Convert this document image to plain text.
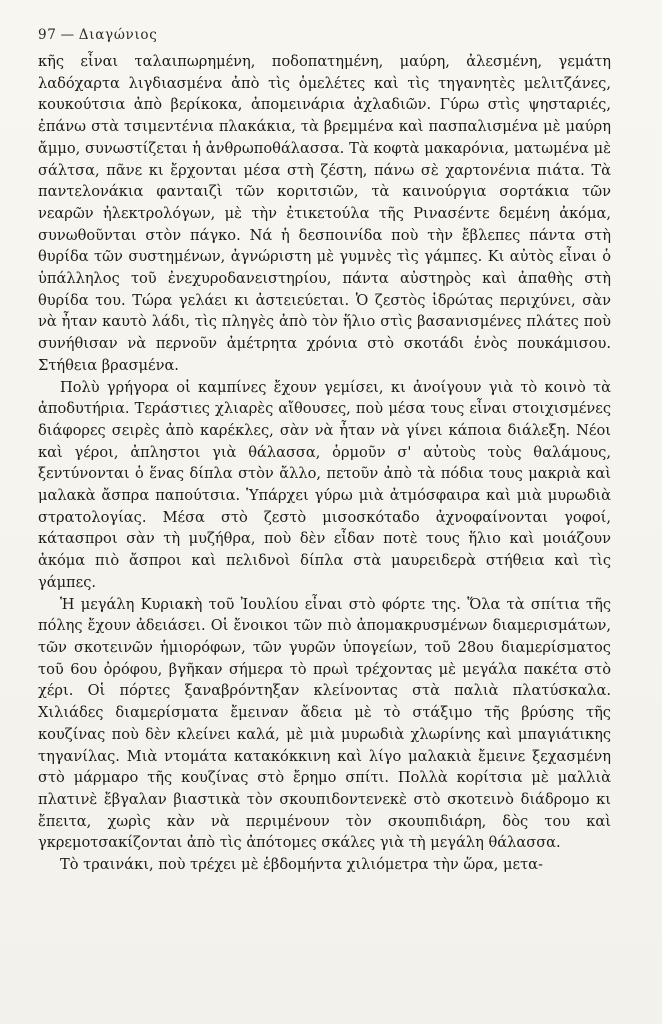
97 — Διαγώνιος

κῆς εἶναι ταλαιπωρημένη, ποδοπατημένη, μαύρη, ἀλεσμένη, γεμάτη λαδόχαρτα λιγδιασμένα ἀπὸ τὶς ὁμελέτες καὶ τὶς τηγανητὲς μελιτζάνες, κουκούτσια ἀπὸ βερίκοκα, ἀπομεινάρια ἀχλαδιῶν. Γύρω στὶς ψησταριές, ἐπάνω στὰ τσιμεντένια πλακάκια, τὰ βρεμμένα καὶ πασπαλισμένα μὲ μαύρη ἄμμο, συνωστίζεται ἡ ἀνθρωποθάλασσα. Τὰ κοφτὰ μακαρόνια, ματωμένα μὲ σάλτσα, πᾶνε κι ἔρχονται μέσα στὴ ζέστη, πάνω σὲ χαρτονένια πιάτα. Τὰ παντελονάκια φανταιζὶ τῶν κοριτσιῶν, τὰ καινούργια σορτάκια τῶν νεαρῶν ἠλεκτρολόγων, μὲ τὴν ἐτικετούλα τῆς Ρινασέντε δεμένη ἀκόμα, συνωθοῦνται στὸν πάγκο. Νά ἡ δεσποινίδα ποὺ τὴν ἔβλεπες πάντα στὴ θυρίδα τῶν συστημένων, ἀγνώριστη μὲ γυμνὲς τὶς γάμπες. Κι αὐτὸς εἶναι ὁ ὑπάλληλος τοῦ ἐνεχυροδανειστηρίου, πάντα αὐστηρὸς καὶ ἀπαθὴς στὴ θυρίδα του. Τώρα γελάει κι ἀστειεύεται. Ὁ ζεστὸς ἱδρώτας περιχύνει, σὰν νὰ ἦταν καυτὸ λάδι, τὶς πληγὲς ἀπὸ τὸν ἥλιο στὶς βασανισμένες πλάτες ποὺ συνήθισαν νὰ περνοῦν ἀμέτρητα χρόνια στὸ σκοτάδι ἑνὸς πουκάμισου. Στήθεια βρασμένα.

Πολὺ γρήγορα οἱ καμπίνες ἔχουν γεμίσει, κι ἀνοίγουν γιὰ τὸ κοινὸ τὰ ἀποδυτήρια. Τεράστιες χλιαρὲς αἴθουσες, ποὺ μέσα τους εἶναι στοιχισμένες διάφορες σειρὲς ἀπὸ καρέκλες, σὰν νὰ ἦταν νὰ γίνει κάποια διάλεξη. Νέοι καὶ γέροι, ἀπληστοι γιὰ θάλασσα, ὁρμοῦν σ' αὐτοὺς τοὺς θαλάμους, ξεντύνονται ὁ ἕνας δίπλα στὸν ἄλλο, πετοῦν ἀπὸ τὰ πόδια τους μακριὰ καὶ μαλακὰ ἄσπρα παπούτσια. Ὑπάρχει γύρω μιὰ ἀτμόσφαιρα καὶ μιὰ μυρωδιὰ στρατολογίας. Μέσα στὸ ζεστὸ μισοσκόταδο ἀχνοφαίνονται γοφοί, κάτασπροι σὰν τὴ μυζήθρα, ποὺ δὲν εἶδαν ποτὲ τους ἥλιο καὶ μοιάζουν ἀκόμα πιὸ ἄσπροι καὶ πελιδνοὶ δίπλα στὰ μαυρειδερὰ στήθεια καὶ τὶς γάμπες.

Ἡ μεγάλη Κυριακὴ τοῦ Ἰουλίου εἶναι στὸ φόρτε της. Ὅλα τὰ σπίτια τῆς πόλης ἔχουν ἀδειάσει. Οἱ ἔνοικοι τῶν πιὸ ἀπομακρυσμένων διαμερισμάτων, τῶν σκοτεινῶν ἡμιορόφων, τῶν γυρῶν ὑπογείων, τοῦ 28ου διαμερίσματος τοῦ 6ου ὀρόφου, βγῆκαν σήμερα τὸ πρωὶ τρέχοντας μὲ μεγάλα πακέτα στὸ χέρι. Οἱ πόρτες ξαναβρόντηξαν κλείνοντας στὰ παλιὰ πλατύσκαλα. Χιλιάδες διαμερίσματα ἔμειναν ἄδεια μὲ τὸ στάξιμο τῆς βρύσης τῆς κουζίνας ποὺ δὲν κλείνει καλά, μὲ μιὰ μυρωδιὰ χλωρίνης καὶ μπαγιάτικης τηγανίλας. Μιὰ ντομάτα κατακόκκινη καὶ λίγο μαλακιὰ ἔμεινε ξεχασμένη στὸ μάρμαρο τῆς κουζίνας στὸ ἔρημο σπίτι. Πολλὰ κορίτσια μὲ μαλλιὰ πλατινὲ ἔβγαλαν βιαστικὰ τὸν σκουπιδοντενεκὲ στὸ σκοτεινὸ διάδρομο κι ἔπειτα, χωρὶς κὰν νὰ περιμένουν τὸν σκουπιδιάρη, δὸς του καὶ γκρεμοτσακίζονται ἀπὸ τὶς ἀπότομες σκάλες γιὰ τὴ μεγάλη θάλασσα.

Τὸ τραινάκι, ποὺ τρέχει μὲ ἑβδομήντα χιλιόμετρα τὴν ὥρα, μετα-
